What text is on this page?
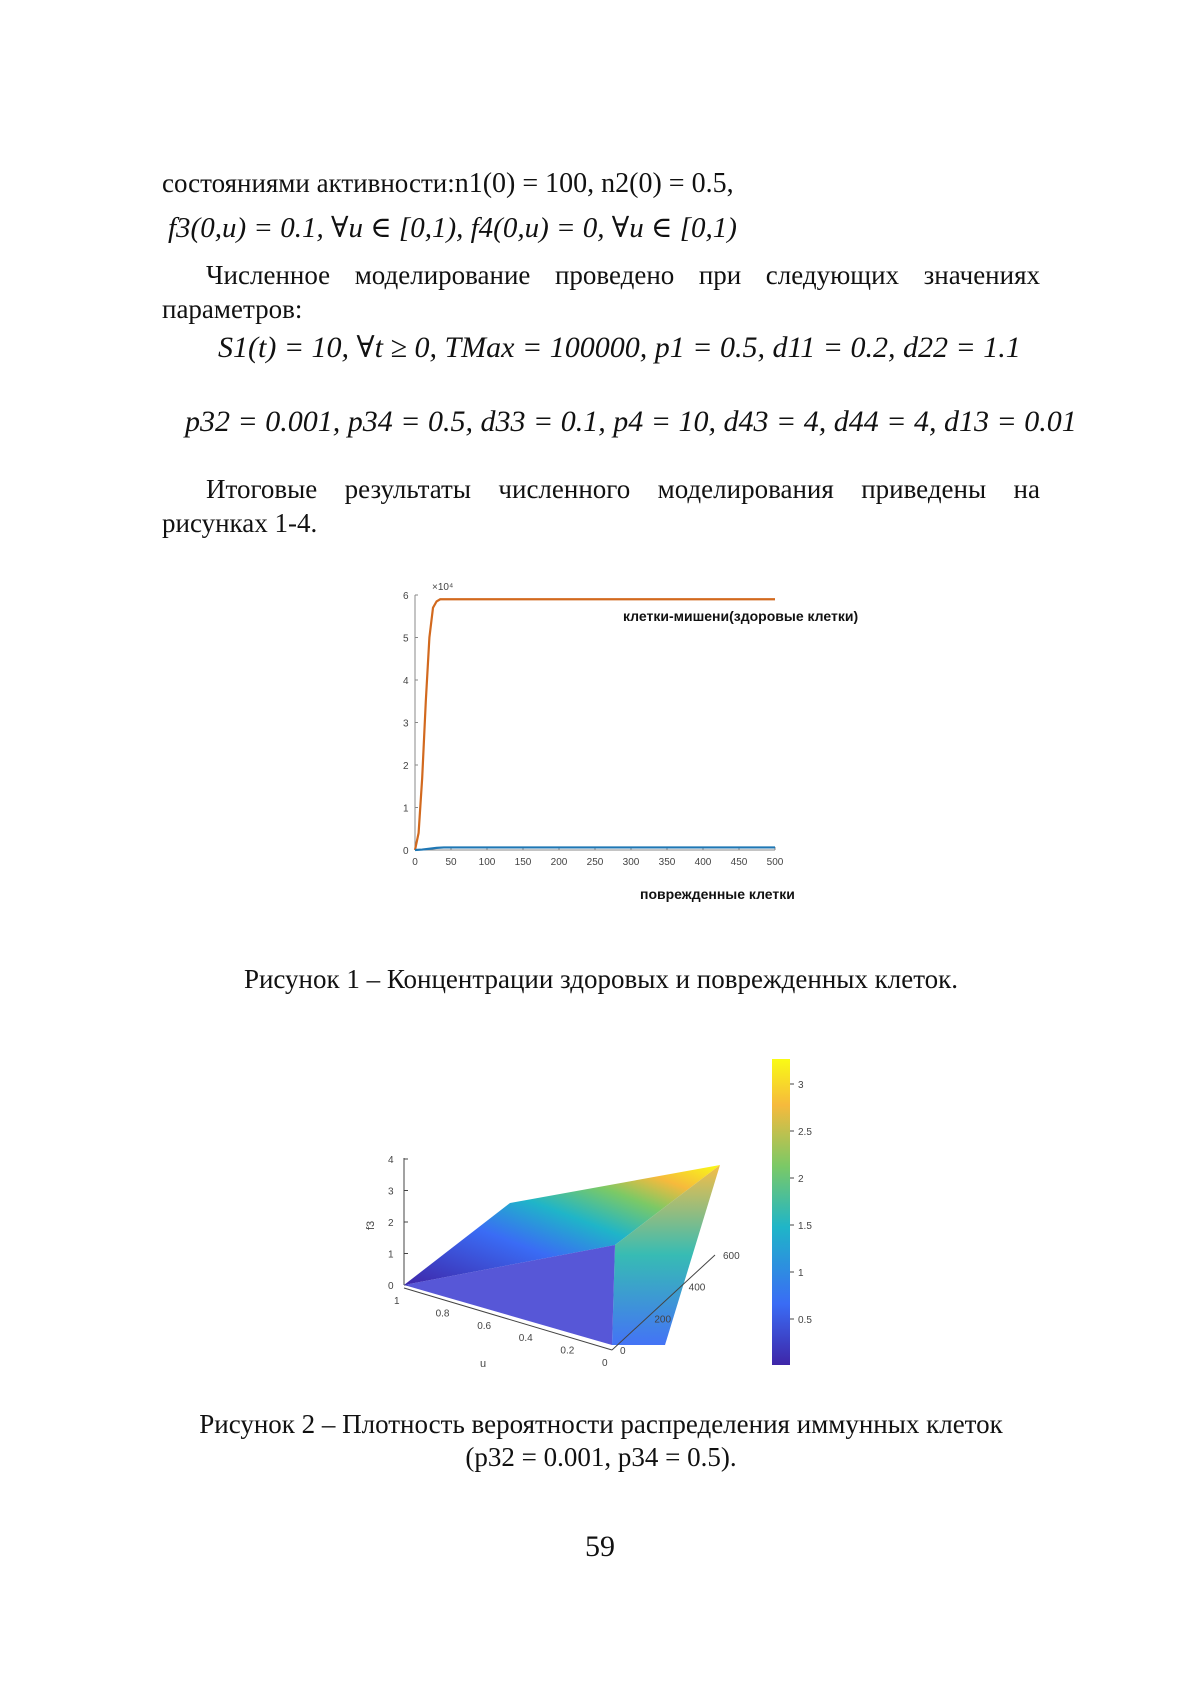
состояниями активности:n1(0) = 100, n2(0) = 0.5,
f3(0,u) = 0.1, ∀u ∈ [0,1), f4(0,u) = 0, ∀u ∈ [0,1)
Численное моделирование проведено при следующих значениях
параметров:
S1(t) = 10, ∀t ≥ 0, TMax = 100000, p1 = 0.5, d11 = 0.2, d22 = 1.1
p32 = 0.001, p34 = 0.5, d33 = 0.1, p4 = 10, d43 = 4, d44 = 4, d13 = 0.01
Итоговые результаты численного моделирования приведены на
рисунках 1-4.
0
1
2
3
4
5
6
0	50 100 150 200 250 300 350 400 450 500
×10⁴
клетки-мишени(здоровые клетки)
поврежденные клетки
Рисунок 1 – Концентрации здоровых и поврежденных клеток.
0
1
2
3
4
f3
1
0.8
0.6
0.4
0.2
0
u
0
200
400
600
0.5
1
1.5
2
2.5
3
Рисунок 2 – Плотность вероятности распределения иммунных клеток
(p32 = 0.001, p34 = 0.5).
59
